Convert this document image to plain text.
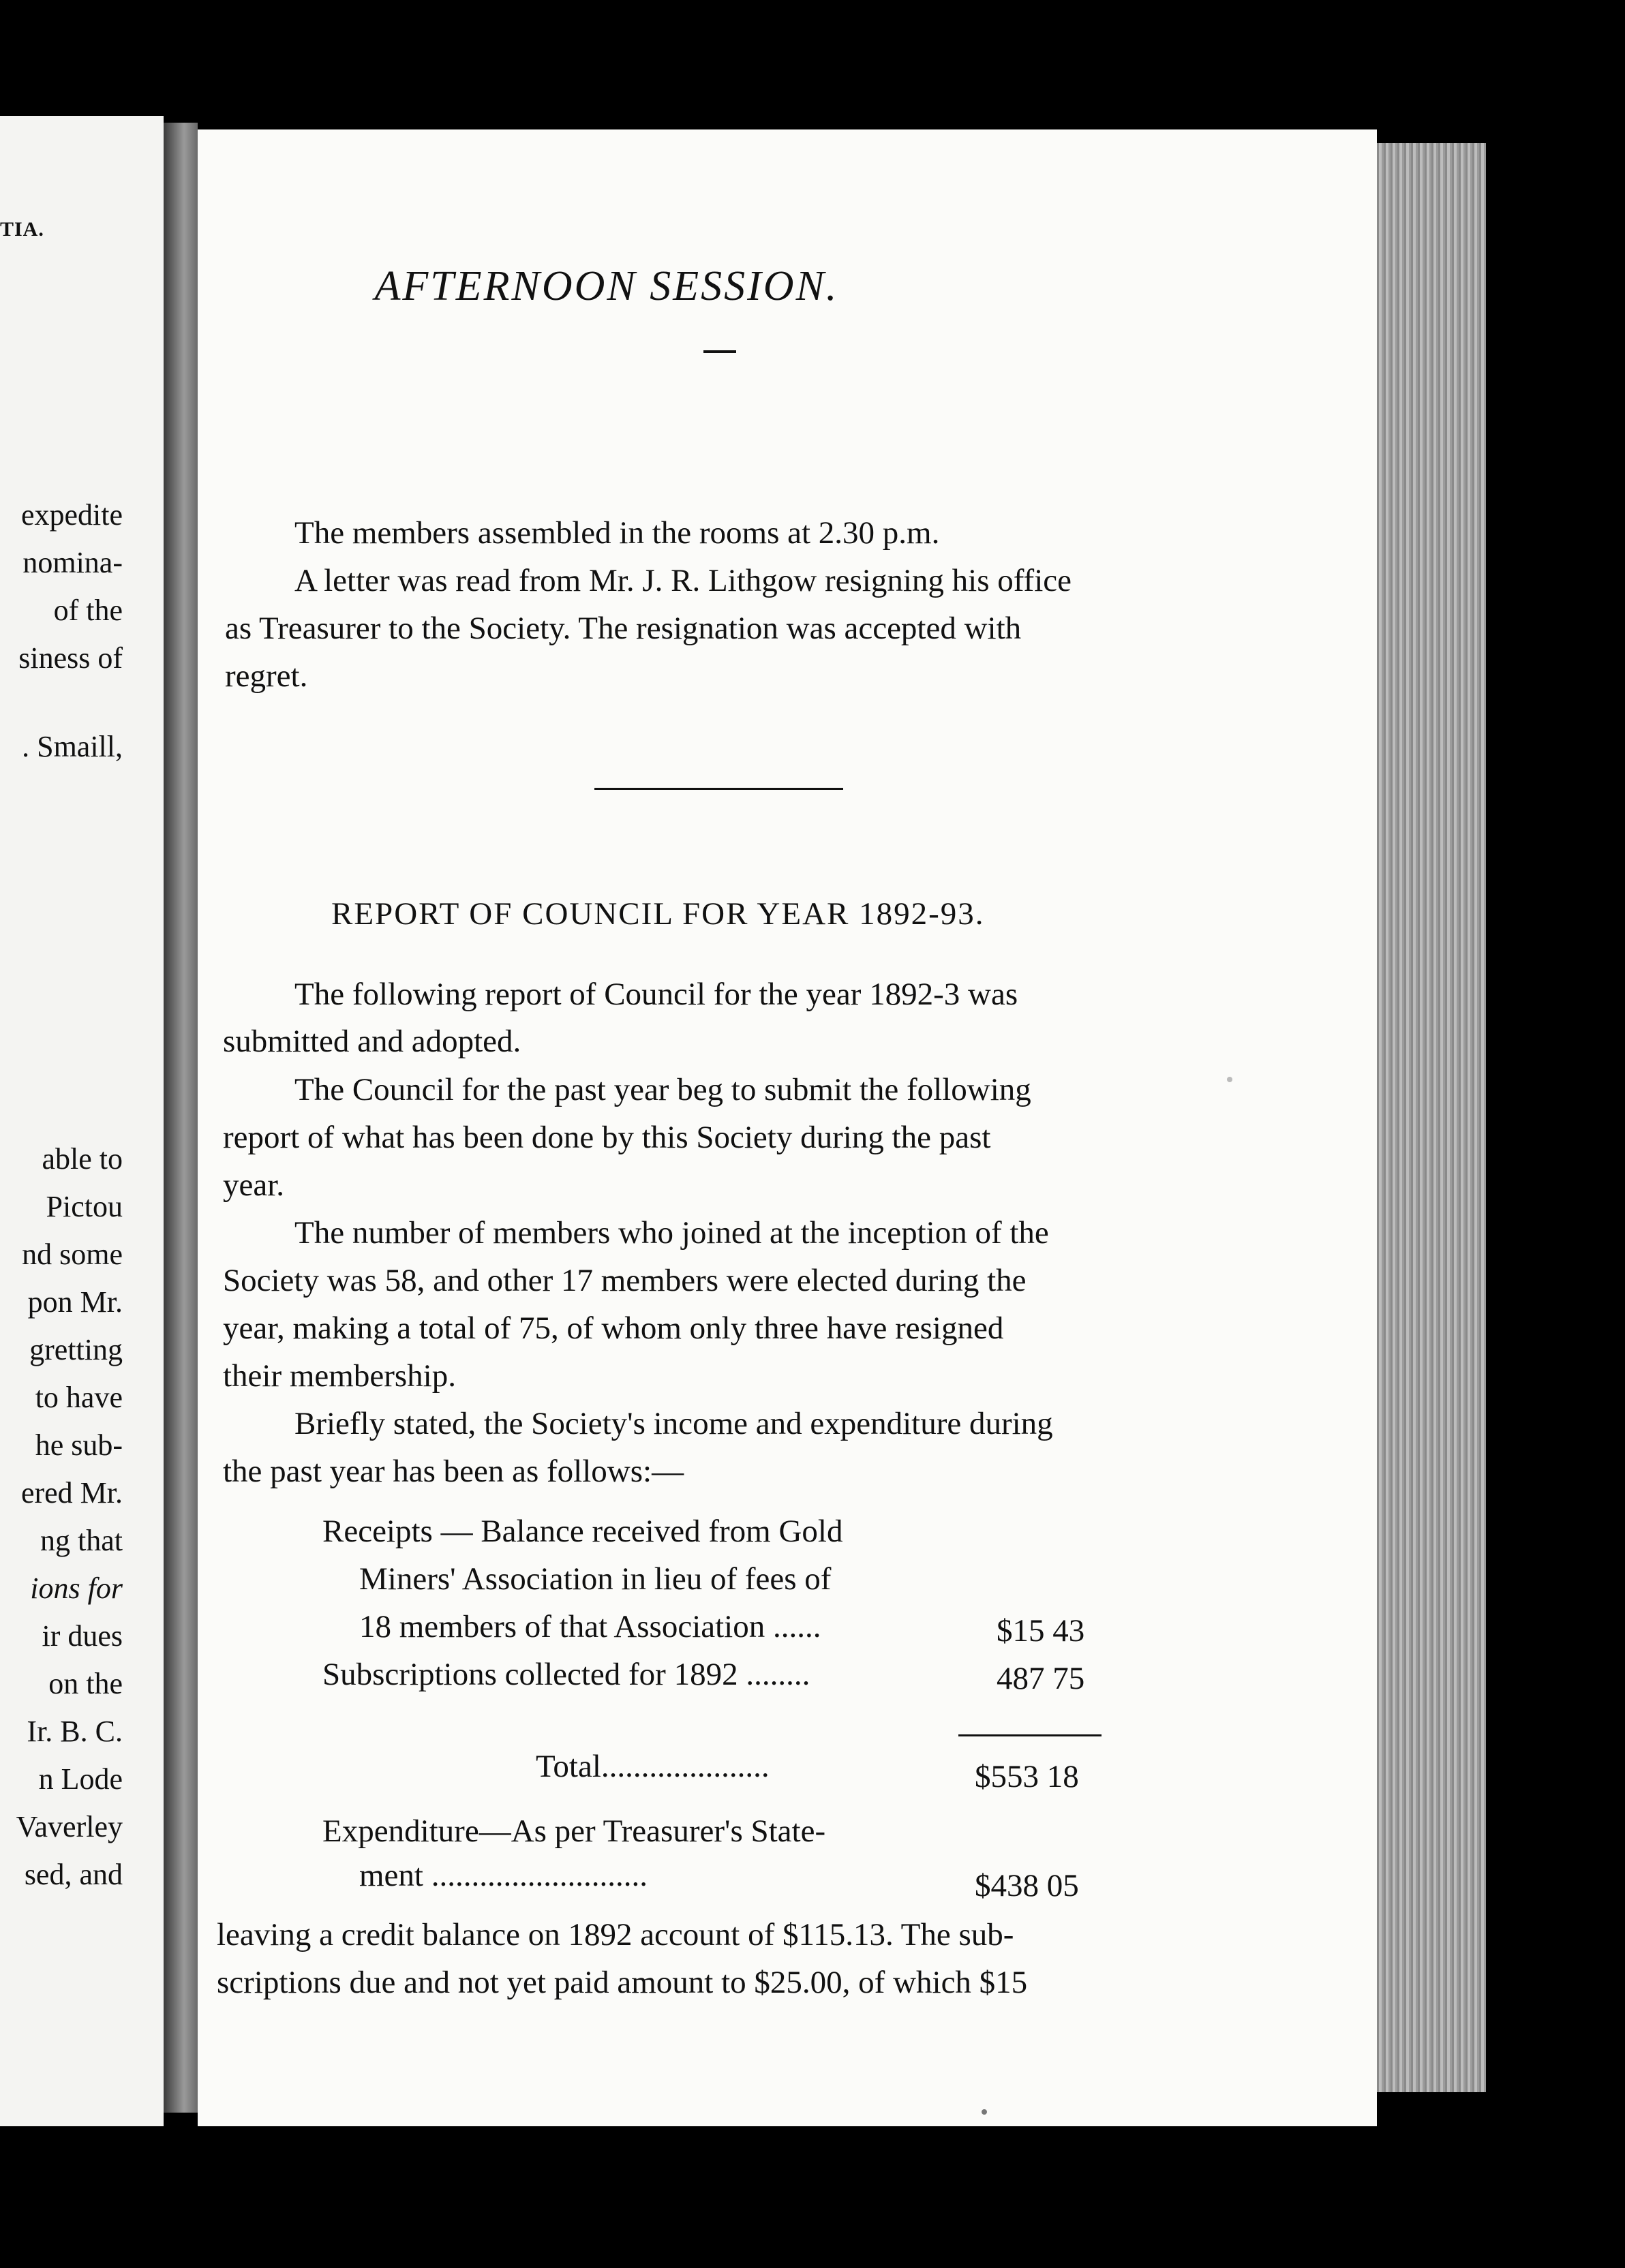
TIA.
expedite
nomina-
of the
siness of
. Smaill,
able to
Pictou
nd some
pon Mr.
gretting
to have
he sub-
ered Mr.
ng that
ions for
ir dues
on the
Ir. B. C.
n Lode
Vaverley
sed, and
AFTERNOON SESSION.
The members assembled in the rooms at 2.30 p.m.
A letter was read from Mr. J. R. Lithgow resigning his office
as Treasurer to the Society. The resignation was accepted with
regret.
REPORT OF COUNCIL FOR YEAR 1892-93.
The following report of Council for the year 1892-3 was
submitted and adopted.
The Council for the past year beg to submit the following
report of what has been done by this Society during the past
year.
The number of members who joined at the inception of the
Society was 58, and other 17 members were elected during the
year, making a total of 75, of whom only three have resigned
their membership.
Briefly stated, the Society's income and expenditure during
the past year has been as follows:—
Receipts — Balance received from Gold
Miners' Association in lieu of fees of
18 members of that Association ......	$15 43
Subscriptions collected for 1892 ........	487 75
Total.....................	$553 18
Expenditure—As per Treasurer's State-
ment ...........................	$438 05
leaving a credit balance on 1892 account of $115.13. The sub-
scriptions due and not yet paid amount to $25.00, of which $15
